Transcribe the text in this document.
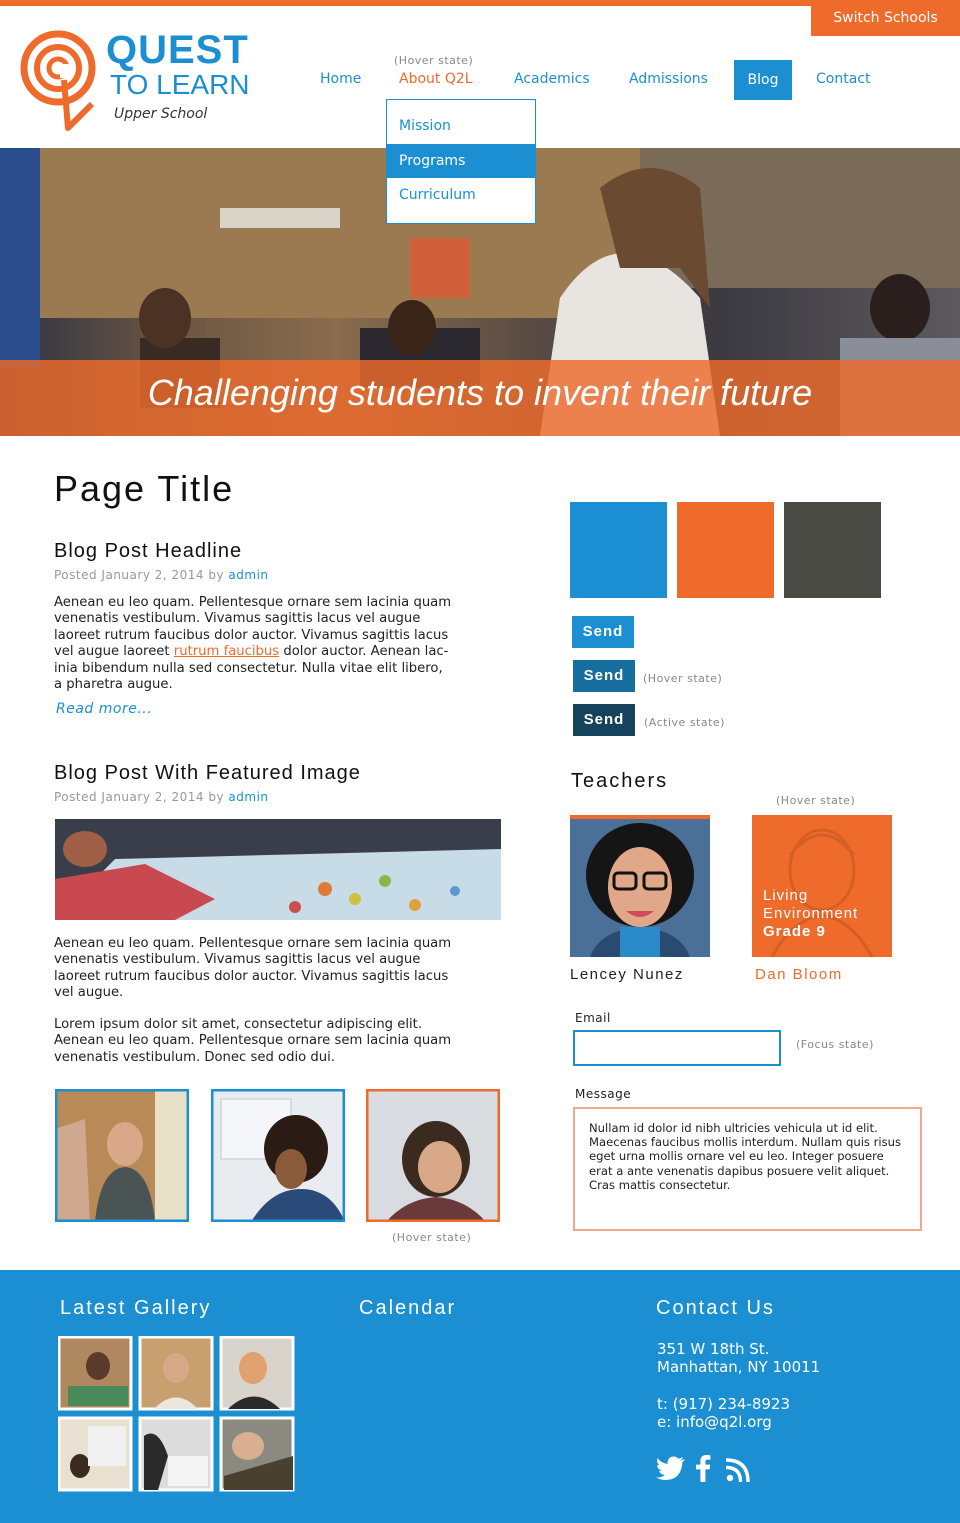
Switch Schools
QUEST
TO LEARN
Upper School
(Hover state)
Home	About Q2L	Academics	Admissions	Blog	Contact
Challenging students to invent their future
Mission
Programs
Curriculum
Page Title
Blog Post Headline
Posted January 2, 2014 by admin
Aenean eu leo quam. Pellentesque ornare sem lacinia quam
venenatis vestibulum. Vivamus sagittis lacus vel augue
laoreet rutrum faucibus dolor auctor. Vivamus sagittis lacus
vel augue laoreet rutrum faucibus dolor auctor. Aenean lac-
inia bibendum nulla sed consectetur. Nulla vitae elit libero,
a pharetra augue.
Read more...
Blog Post With Featured Image
Posted January 2, 2014 by admin
Aenean eu leo quam. Pellentesque ornare sem lacinia quam
venenatis vestibulum. Vivamus sagittis lacus vel augue
laoreet rutrum faucibus dolor auctor. Vivamus sagittis lacus
vel augue.
Lorem ipsum dolor sit amet, consectetur adipiscing elit.
Aenean eu leo quam. Pellentesque ornare sem lacinia quam
venenatis vestibulum. Donec sed odio dui.
(Hover state)
Send
Send	(Hover state)
Send	(Active state)
Teachers
(Hover state)
Lencey Nunez
Living
Environment
Grade 9
Dan Bloom
Email
(Focus state)
Message
Nullam id dolor id nibh ultricies vehicula ut id elit. Maecenas faucibus mollis interdum. Nullam quis risus eget urna mollis ornare vel eu leo. Integer posuere erat a ante venenatis dapibus posuere velit aliquet. Cras mattis consectetur.
Latest Gallery	Calendar	Contact Us
351 W 18th St.
Manhattan, NY 10011
t: (917) 234-8923
e: info@q2l.org
